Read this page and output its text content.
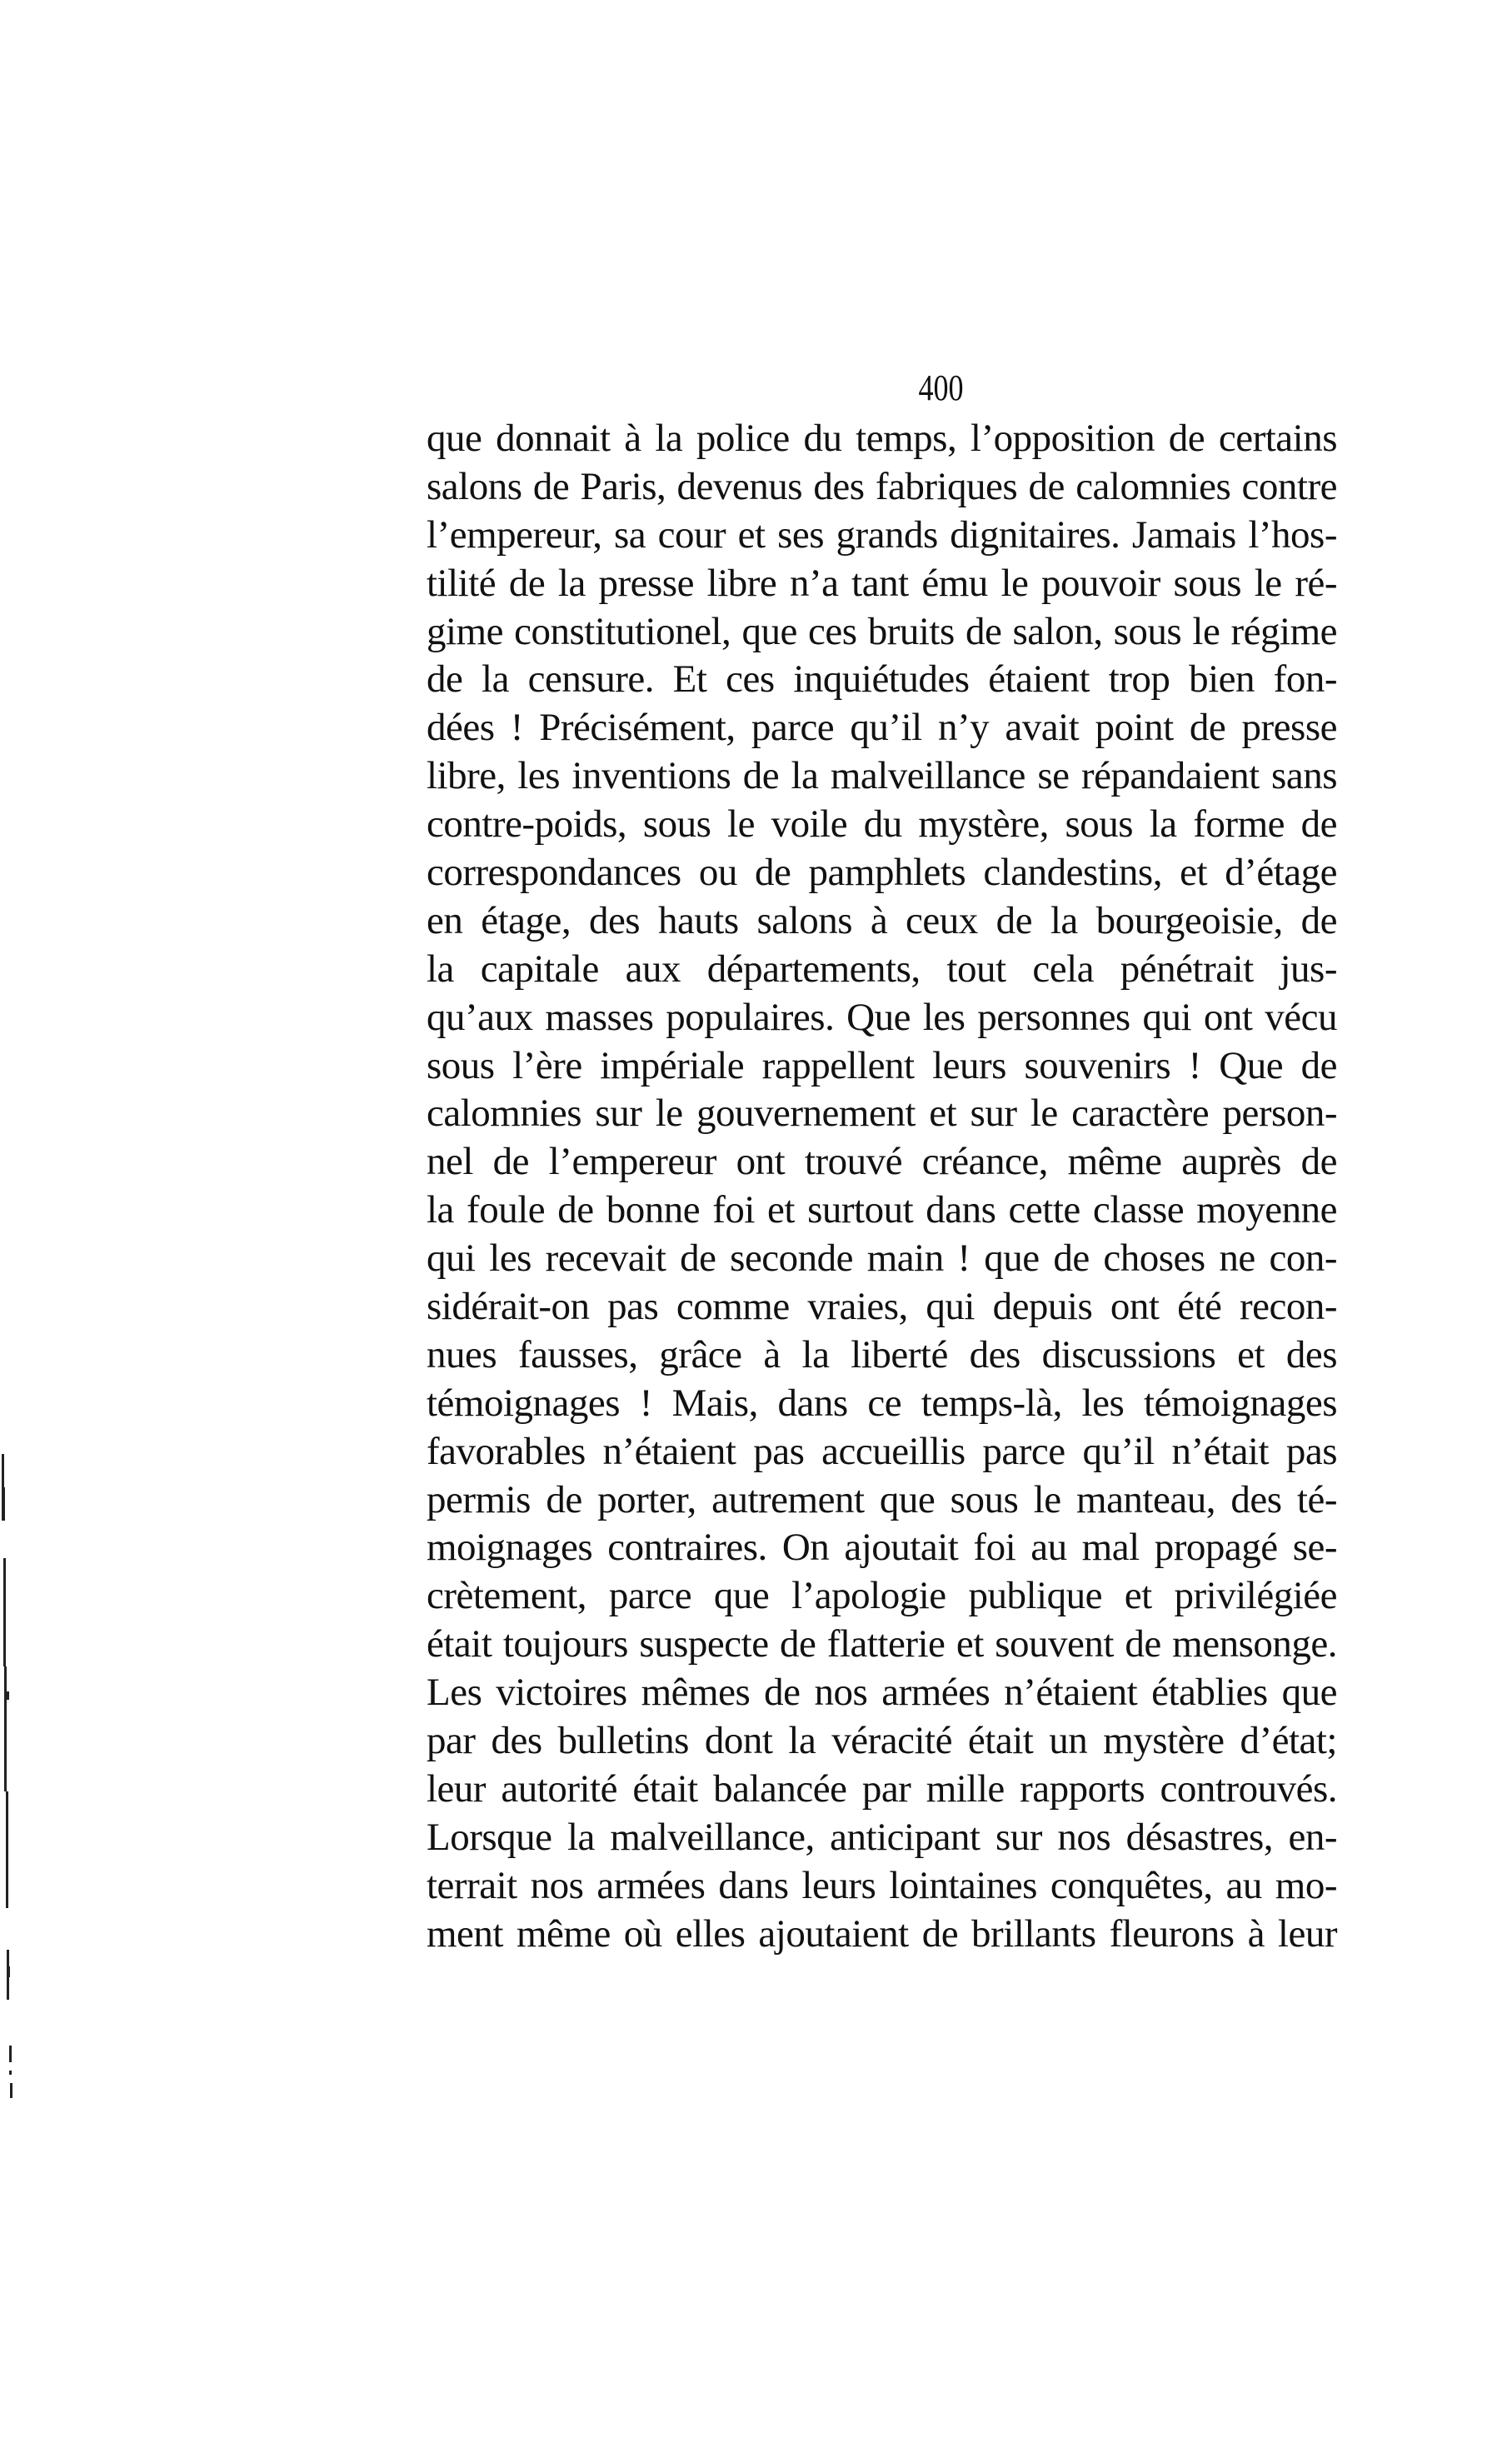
400
que donnait à la police du temps, l’opposition de certains
salons de Paris, devenus des fabriques de calomnies contre
l’empereur, sa cour et ses grands dignitaires. Jamais l’hos-
tilité de la presse libre n’a tant ému le pouvoir sous le ré-
gime constitutionel, que ces bruits de salon, sous le régime
de la censure. Et ces inquiétudes étaient trop bien fon-
dées ! Précisément, parce qu’il n’y avait point de presse
libre, les inventions de la malveillance se répandaient sans
contre-poids, sous le voile du mystère, sous la forme de
correspondances ou de pamphlets clandestins, et d’étage
en étage, des hauts salons à ceux de la bourgeoisie, de
la capitale aux départements, tout cela pénétrait jus-
qu’aux masses populaires. Que les personnes qui ont vécu
sous l’ère impériale rappellent leurs souvenirs ! Que de
calomnies sur le gouvernement et sur le caractère person-
nel de l’empereur ont trouvé créance, même auprès de
la foule de bonne foi et surtout dans cette classe moyenne
qui les recevait de seconde main ! que de choses ne con-
sidérait-on pas comme vraies, qui depuis ont été recon-
nues fausses, grâce à la liberté des discussions et des
témoignages ! Mais, dans ce temps-là, les témoignages
favorables n’étaient pas accueillis parce qu’il n’était pas
permis de porter, autrement que sous le manteau, des té-
moignages contraires. On ajoutait foi au mal propagé se-
crètement, parce que l’apologie publique et privilégiée
était toujours suspecte de flatterie et souvent de mensonge.
Les victoires mêmes de nos armées n’étaient établies que
par des bulletins dont la véracité était un mystère d’état;
leur autorité était balancée par mille rapports controuvés.
Lorsque la malveillance, anticipant sur nos désastres, en-
terrait nos armées dans leurs lointaines conquêtes, au mo-
ment même où elles ajoutaient de brillants fleurons à leur
